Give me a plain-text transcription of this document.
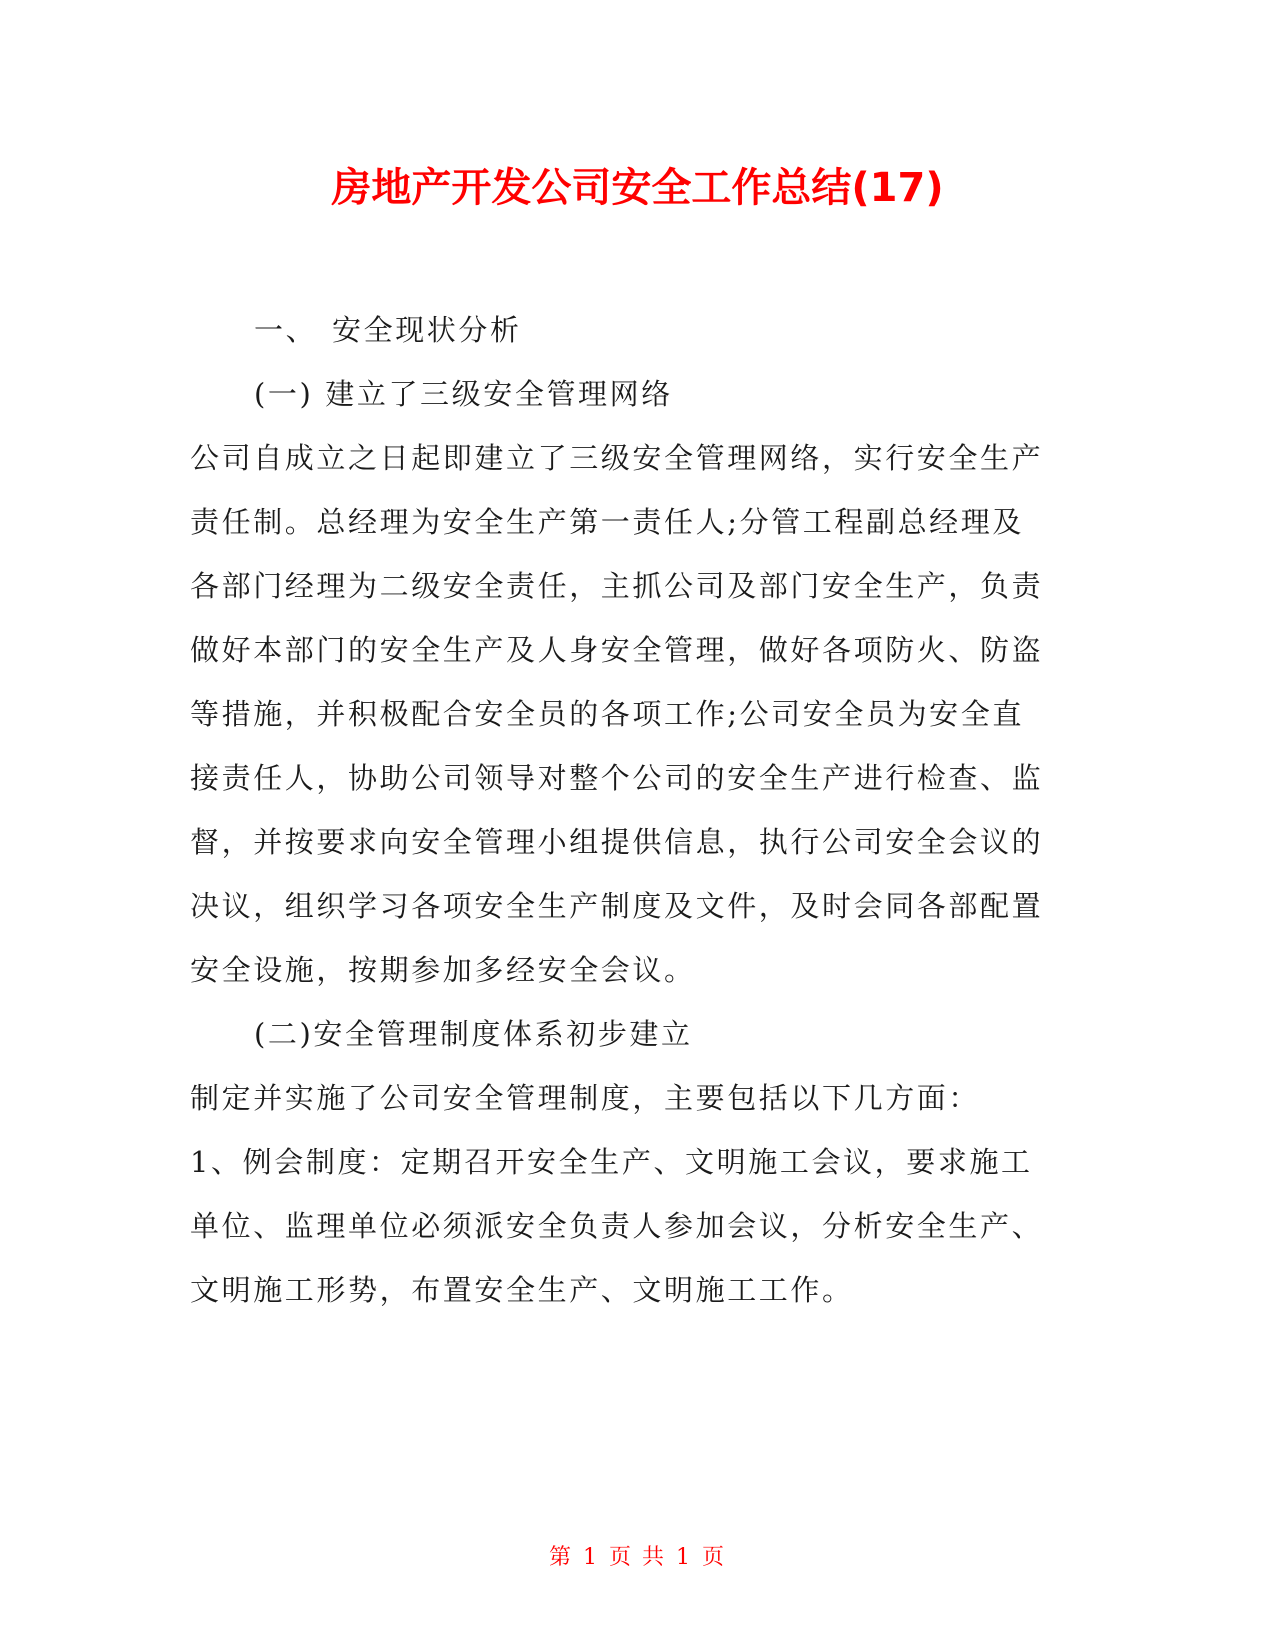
房地产开发公司安全工作总结(17)
一、 安全现状分析
(一) 建立了三级安全管理网络
公司自成立之日起即建立了三级安全管理网络，实行安全生产
责任制。总经理为安全生产第一责任人;分管工程副总经理及
各部门经理为二级安全责任，主抓公司及部门安全生产，负责
做好本部门的安全生产及人身安全管理，做好各项防火、防盗
等措施，并积极配合安全员的各项工作;公司安全员为安全直
接责任人，协助公司领导对整个公司的安全生产进行检查、监
督，并按要求向安全管理小组提供信息，执行公司安全会议的
决议，组织学习各项安全生产制度及文件，及时会同各部配置
安全设施，按期参加多经安全会议。
(二)安全管理制度体系初步建立
制定并实施了公司安全管理制度，主要包括以下几方面：
1、例会制度：定期召开安全生产、文明施工会议，要求施工
单位、监理单位必须派安全负责人参加会议，分析安全生产、
文明施工形势，布置安全生产、文明施工工作。
第 1 页 共 1 页
